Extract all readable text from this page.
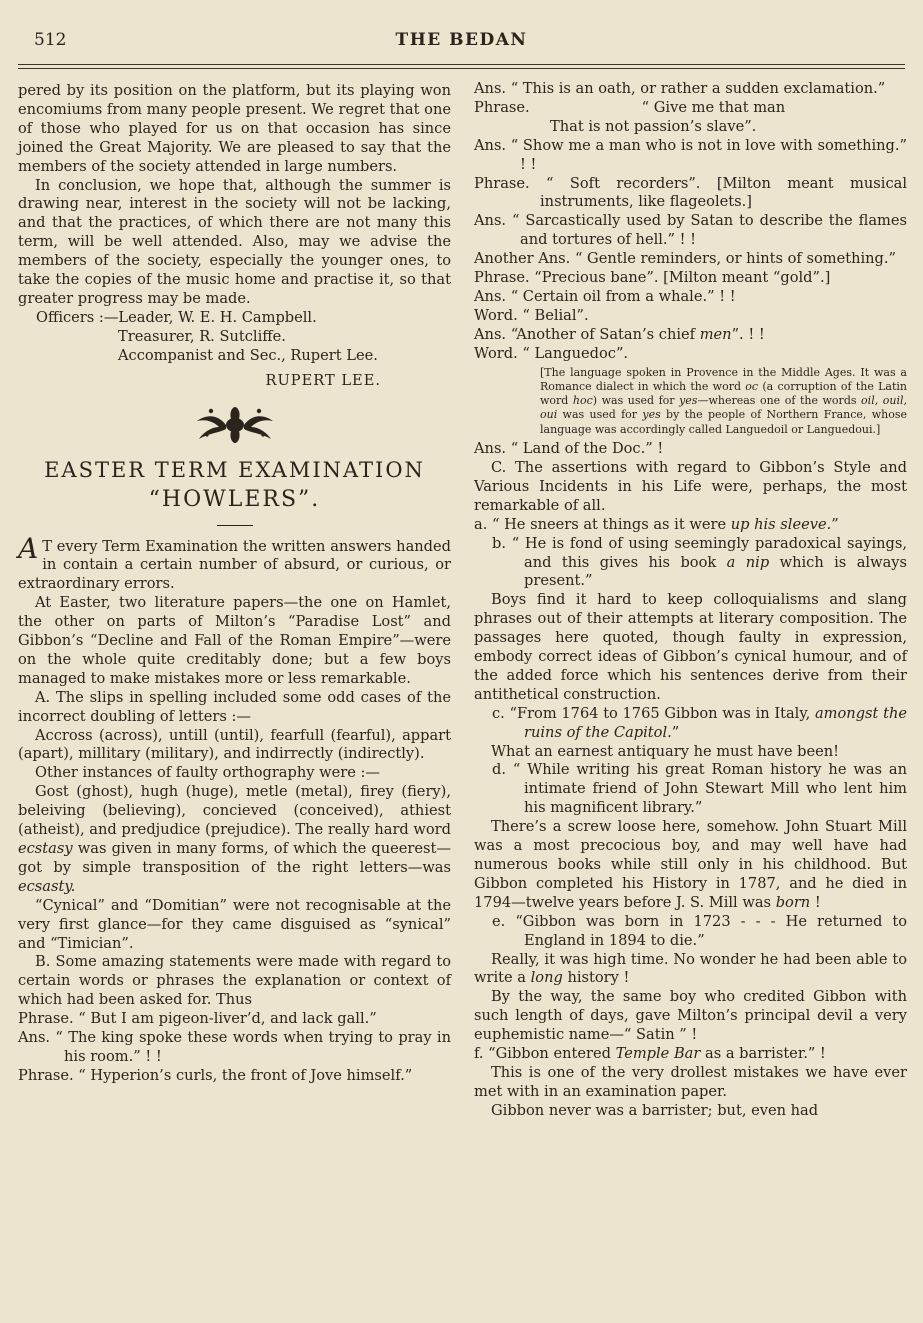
512	THE BEDAN

pered by its position on the platform, but its playing won encomiums from many people present. We regret that one of those who played for us on that occasion has since joined the Great Majority. We are pleased to say that the members of the society attended in large numbers.

In conclusion, we hope that, although the summer is drawing near, interest in the society will not be lacking, and that the practices, of which there are not many this term, will be well attended. Also, may we advise the members of the society, especially the younger ones, to take the copies of the music home and practise it, so that greater progress may be made.

Officers :—Leader, W. E. H. Campbell.

Treasurer, R. Sutcliffe.

Accompanist and Sec., Rupert Lee.

RUPERT LEE.

EASTER TERM EXAMINATION

“HOWLERS”.

A T every Term Examination the written answers handed in contain a certain number of absurd, or curious, or extraordinary errors.

At Easter, two literature papers—the one on Hamlet, the other on parts of Milton’s “Paradise Lost” and Gibbon’s “Decline and Fall of the Roman Empire”—were on the whole quite creditably done; but a few boys managed to make mistakes more or less remarkable.

A. The slips in spelling included some odd cases of the incorrect doubling of letters :—

Accross (across), untill (until), fearfull (fearful), appart (apart), millitary (military), and indirrectly (indirectly).

Other instances of faulty orthography were :—

Gost (ghost), hugh (huge), metle (metal), firey (fiery), beleiving (believing), concieved (conceived), athiest (atheist), and predjudice (prejudice). The really hard word ecstasy was given in many forms, of which the queerest—got by simple transposition of the right letters—was ecsasty.

“Cynical” and “Domitian” were not recognisable at the very first glance—for they came disguised as “synical” and “Timician”.

B. Some amazing statements were made with regard to certain words or phrases the explanation or context of which had been asked for. Thus

Phrase. “ But I am pigeon-liver’d, and lack gall.”

Ans. “ The king spoke these words when trying to pray in his room.” ! !

Phrase. “ Hyperion’s curls, the front of Jove himself.”

Ans. “ This is an oath, or rather a sudden exclamation.”

Phrase.	“ Give me that man

That is not passion’s slave”.

Ans. “ Show me a man who is not in love with something.” ! !

Phrase. “ Soft recorders”. [Milton meant musical instruments, like flageolets.]

Ans. “ Sarcastically used by Satan to describe the flames and tortures of hell.” ! !

Another Ans. “ Gentle reminders, or hints of something.”

Phrase. “Precious bane”. [Milton meant “gold”.]

Ans. “ Certain oil from a whale.” ! !

Word. “ Belial”.

Ans. “Another of Satan’s chief men”. ! !

Word. “ Languedoc”.

[The language spoken in Provence in the Middle Ages. It was a Romance dialect in which the word oc (a corruption of the Latin word hoc) was used for yes—whereas one of the words oil, ouil, oui was used for yes by the people of Northern France, whose language was accordingly called Languedoil or Languedoui.]

Ans. “ Land of the Doc.” !

C. The assertions with regard to Gibbon’s Style and Various Incidents in his Life were, perhaps, the most remarkable of all.

a. “ He sneers at things as it were up his sleeve.”

b. “ He is fond of using seemingly paradoxical sayings, and this gives his book a nip which is always present.”

Boys find it hard to keep colloquialisms and slang phrases out of their attempts at literary composition. The passages here quoted, though faulty in expression, embody correct ideas of Gibbon’s cynical humour, and of the added force which his sentences derive from their antithetical construction.

c. “From 1764 to 1765 Gibbon was in Italy, amongst the ruins of the Capitol.”

What an earnest antiquary he must have been!

d. “ While writing his great Roman history he was an intimate friend of John Stewart Mill who lent him his magnificent library.”

There’s a screw loose here, somehow. John Stuart Mill was a most precocious boy, and may well have had numerous books while still only in his childhood. But Gibbon completed his History in 1787, and he died in 1794—twelve years before J. S. Mill was born !

e. “Gibbon was born in 1723 - - - He returned to England in 1894 to die.”

Really, it was high time. No wonder he had been able to write a long history !

By the way, the same boy who credited Gibbon with such length of days, gave Milton’s principal devil a very euphemistic name—“ Satin ” !

f. “Gibbon entered Temple Bar as a barrister.” !

This is one of the very drollest mistakes we have ever met with in an examination paper.

Gibbon never was a barrister; but, even had
